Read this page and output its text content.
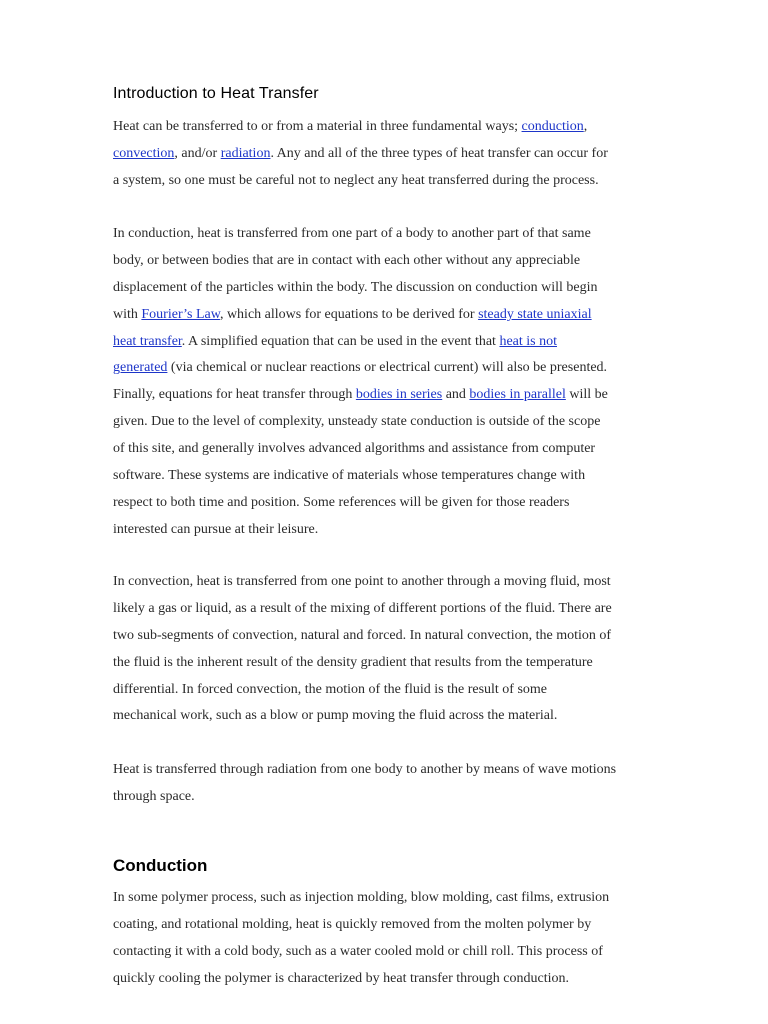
Introduction to Heat Transfer
Heat can be transferred to or from a material in three fundamental ways; conduction,
convection, and/or radiation. Any and all of the three types of heat transfer can occur for
a system, so one must be careful not to neglect any heat transferred during the process.
In conduction, heat is transferred from one part of a body to another part of that same
body, or between bodies that are in contact with each other without any appreciable
displacement of the particles within the body. The discussion on conduction will begin
with Fourier’s Law, which allows for equations to be derived for steady state uniaxial
heat transfer. A simplified equation that can be used in the event that heat is not
generated (via chemical or nuclear reactions or electrical current) will also be presented.
Finally, equations for heat transfer through bodies in series and bodies in parallel will be
given. Due to the level of complexity, unsteady state conduction is outside of the scope
of this site, and generally involves advanced algorithms and assistance from computer
software. These systems are indicative of materials whose temperatures change with
respect to both time and position. Some references will be given for those readers
interested can pursue at their leisure.
In convection, heat is transferred from one point to another through a moving fluid, most
likely a gas or liquid, as a result of the mixing of different portions of the fluid. There are
two sub-segments of convection, natural and forced. In natural convection, the motion of
the fluid is the inherent result of the density gradient that results from the temperature
differential. In forced convection, the motion of the fluid is the result of some
mechanical work, such as a blow or pump moving the fluid across the material.
Heat is transferred through radiation from one body to another by means of wave motions
through space.
Conduction
In some polymer process, such as injection molding, blow molding, cast films, extrusion
coating, and rotational molding, heat is quickly removed from the molten polymer by
contacting it with a cold body, such as a water cooled mold or chill roll. This process of
quickly cooling the polymer is characterized by heat transfer through conduction.
